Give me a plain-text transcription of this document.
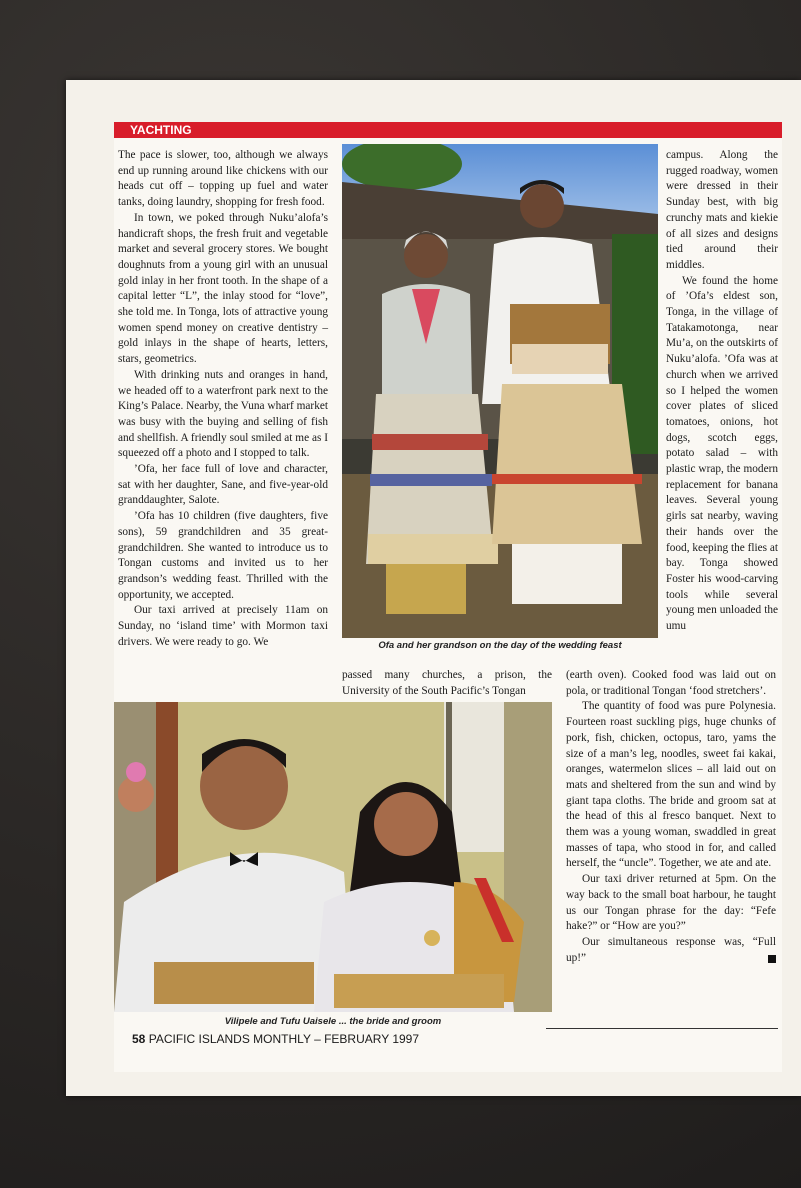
YACHTING

The pace is slower, too, although we always end up running around like chickens with our heads cut off – topping up fuel and water tanks, doing laundry, shopping for fresh food.

In town, we poked through Nuku’alofa’s handicraft shops, the fresh fruit and vegetable market and several grocery stores. We bought doughnuts from a young girl with an unusual gold inlay in her front tooth. In the shape of a capital letter “L”, the inlay stood for “love”, she told me. In Tonga, lots of attractive young women spend money on creative dentistry – gold inlays in the shape of hearts, letters, stars, geometrics.

With drinking nuts and oranges in hand, we headed off to a waterfront park next to the King’s Palace. Nearby, the Vuna wharf market was busy with the buying and selling of fish and shellfish. A friendly soul smiled at me as I squeezed off a photo and I stopped to talk.

’Ofa, her face full of love and character, sat with her daughter, Sane, and five-year-old granddaughter, Salote.

’Ofa has 10 children (five daughters, five sons), 59 grandchildren and 35 great-grandchildren. She wanted to introduce us to Tongan customs and invited us to her grandson’s wedding feast. Thrilled with the opportunity, we accepted.

Our taxi arrived at precisely 11am on Sunday, no ‘island time’ with Mormon taxi drivers. We were ready to go. We	Ofa and her grandson on the day of the wedding feast

passed many churches, a prison, the University of the South Pacific’s Tongan

campus. Along the rugged roadway, women were dressed in their Sunday best, with big crunchy mats and kiekie of all sizes and designs tied around their middles.

We found the home of ’Ofa’s eldest son, Tonga, in the village of Tatakamotonga, near Mu’a, on the outskirts of Nuku’alofa. ’Ofa was at church when we arrived so I helped the women cover plates of sliced tomatoes, onions, hot dogs, scotch eggs, potato salad – with plastic wrap, the modern replacement for banana leaves. Several young girls sat nearby, waving their hands over the food, keeping the flies at bay. Tonga showed Foster his wood-carving tools while several young men unloaded the umu

(earth oven). Cooked food was laid out on pola, or traditional Tongan ‘food stretchers’.

The quantity of food was pure Polynesia. Fourteen roast suckling pigs, huge chunks of pork, fish, chicken, octopus, taro, yams the size of a man’s leg, noodles, sweet fai kakai, oranges, watermelon slices – all laid out on mats and sheltered from the sun and wind by giant tapa cloths. The bride and groom sat at the head of this al fresco banquet. Next to them was a young woman, swaddled in great masses of tapa, who stood in for, and called herself, the “uncle”. Together, we ate and ate.

Our taxi driver returned at 5pm. On the way back to the small boat harbour, he taught us our Tongan phrase for the day: “Fefe hake?” or “How are you?”

Our simultaneous response was, “Full up!”

Vilipele and Tufu Uaisele ... the bride and groom
58 PACIFIC ISLANDS MONTHLY – FEBRUARY 1997
